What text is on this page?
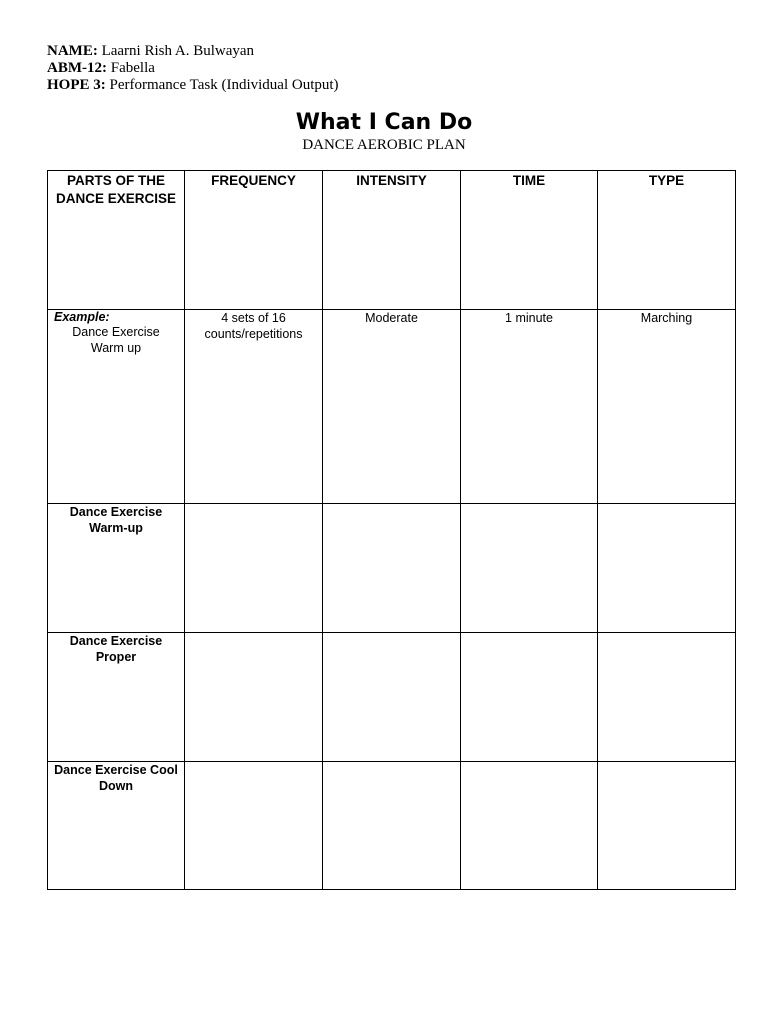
NAME: Laarni Rish A. Bulwayan
ABM-12: Fabella
HOPE 3: Performance Task (Individual Output)
What I Can Do
DANCE AEROBIC PLAN
PARTS OF THE DANCE EXERCISE	FREQUENCY	INTENSITY	TIME	TYPE

Example:
Dance Exercise Warm up	4 sets of 16 counts/repetitions	Moderate	1 minute	Marching
Dance Exercise Warm-up				
Dance Exercise Proper				
Dance Exercise Cool Down				
